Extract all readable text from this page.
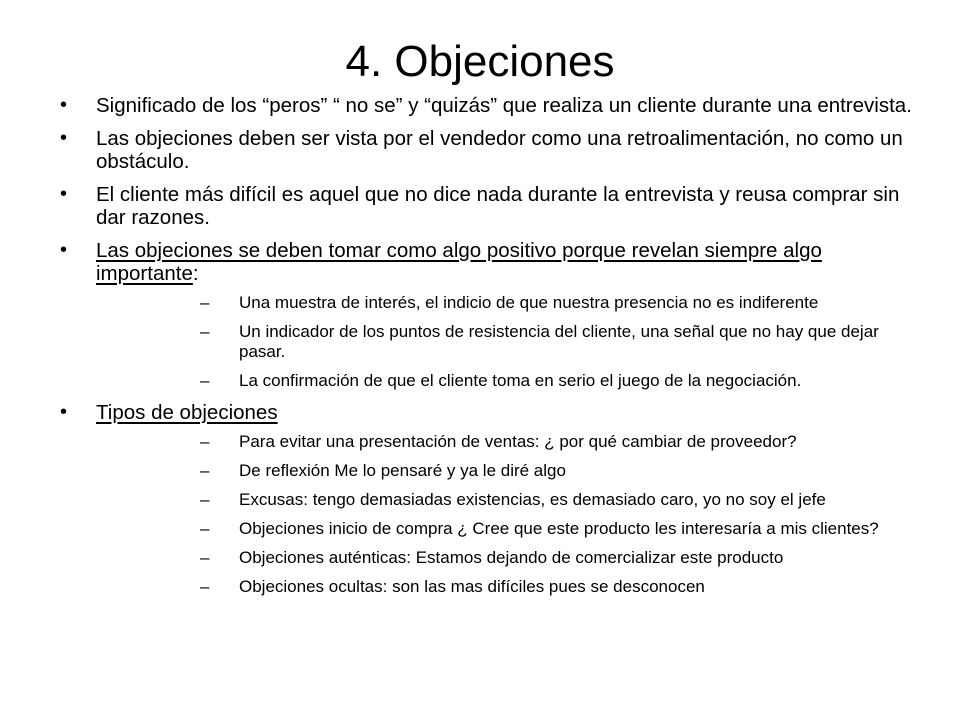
4. Objeciones
• Significado de los “peros” “ no se” y “quizás” que realiza un cliente durante una entrevista.
• Las objeciones deben ser vista por el vendedor como una retroalimentación, no como un obstáculo.
• El cliente más difícil es aquel que no dice nada durante la entrevista y reusa comprar sin dar razones.
• Las objeciones se deben tomar como algo positivo porque revelan siempre algo importante:
– Una muestra de interés, el indicio de que nuestra presencia no es indiferente
– Un indicador de los puntos de resistencia del cliente, una señal que no hay que dejar pasar.
– La confirmación de que el cliente toma en serio el juego de la negociación.
• Tipos de objeciones
– Para evitar una presentación de ventas: ¿ por qué cambiar de proveedor?
– De reflexión Me lo pensaré y ya le diré algo
– Excusas: tengo demasiadas existencias, es demasiado caro, yo no soy el jefe
– Objeciones inicio de compra ¿ Cree que este producto les interesaría a mis clientes?
– Objeciones auténticas: Estamos dejando de comercializar este producto
– Objeciones ocultas: son las mas difíciles pues se desconocen
